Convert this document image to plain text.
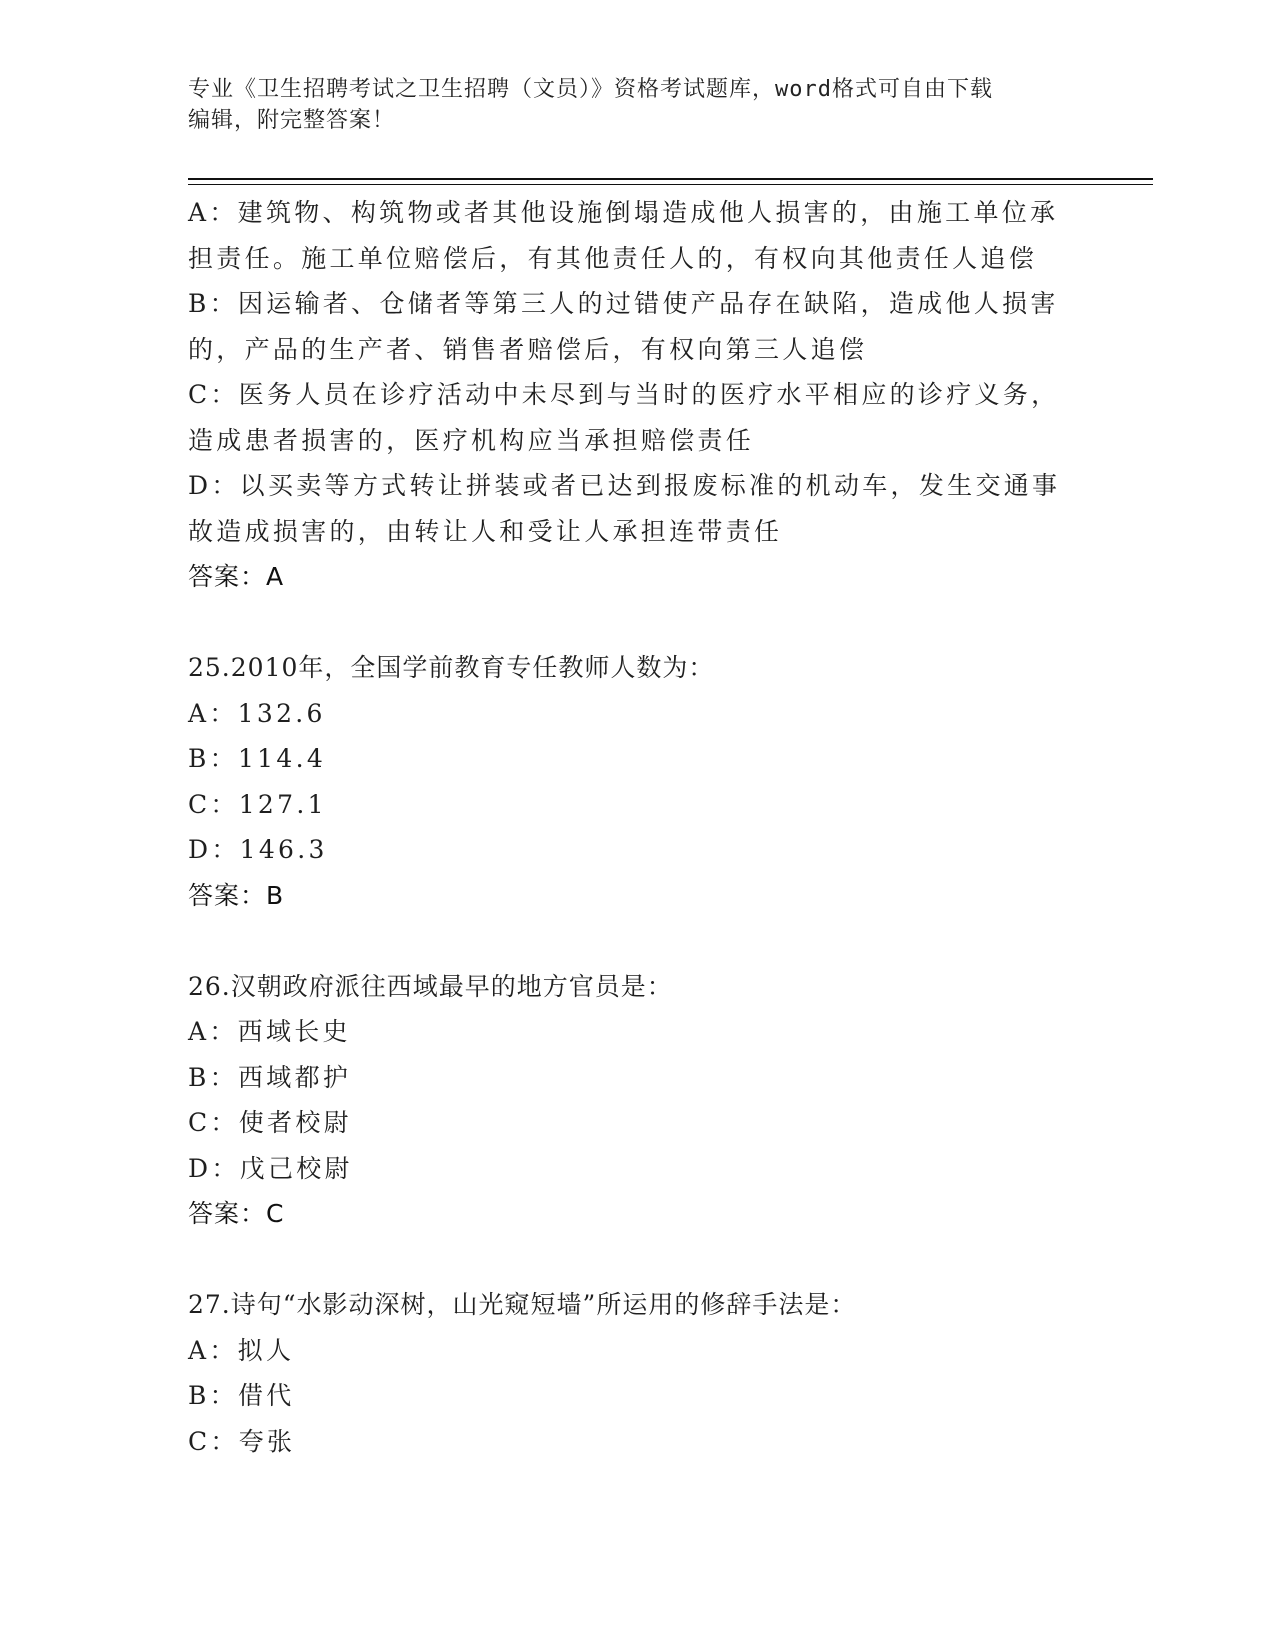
专业《卫生招聘考试之卫生招聘（文员）》资格考试题库，word格式可自由下载
编辑，附完整答案！
A：建筑物、构筑物或者其他设施倒塌造成他人损害的，由施工单位承
担责任。施工单位赔偿后，有其他责任人的，有权向其他责任人追偿
B：因运输者、仓储者等第三人的过错使产品存在缺陷，造成他人损害
的，产品的生产者、销售者赔偿后，有权向第三人追偿
C：医务人员在诊疗活动中未尽到与当时的医疗水平相应的诊疗义务，
造成患者损害的，医疗机构应当承担赔偿责任
D：以买卖等方式转让拼装或者已达到报废标准的机动车，发生交通事
故造成损害的，由转让人和受让人承担连带责任
答案：A
25.2010年，全国学前教育专任教师人数为：
A：132.6
B：114.4
C：127.1
D：146.3
答案：B
26.汉朝政府派往西域最早的地方官员是：
A：西域长史
B：西域都护
C：使者校尉
D：戊己校尉
答案：C
27.诗句“水影动深树，山光窥短墙”所运用的修辞手法是：
A：拟人
B：借代
C：夸张
